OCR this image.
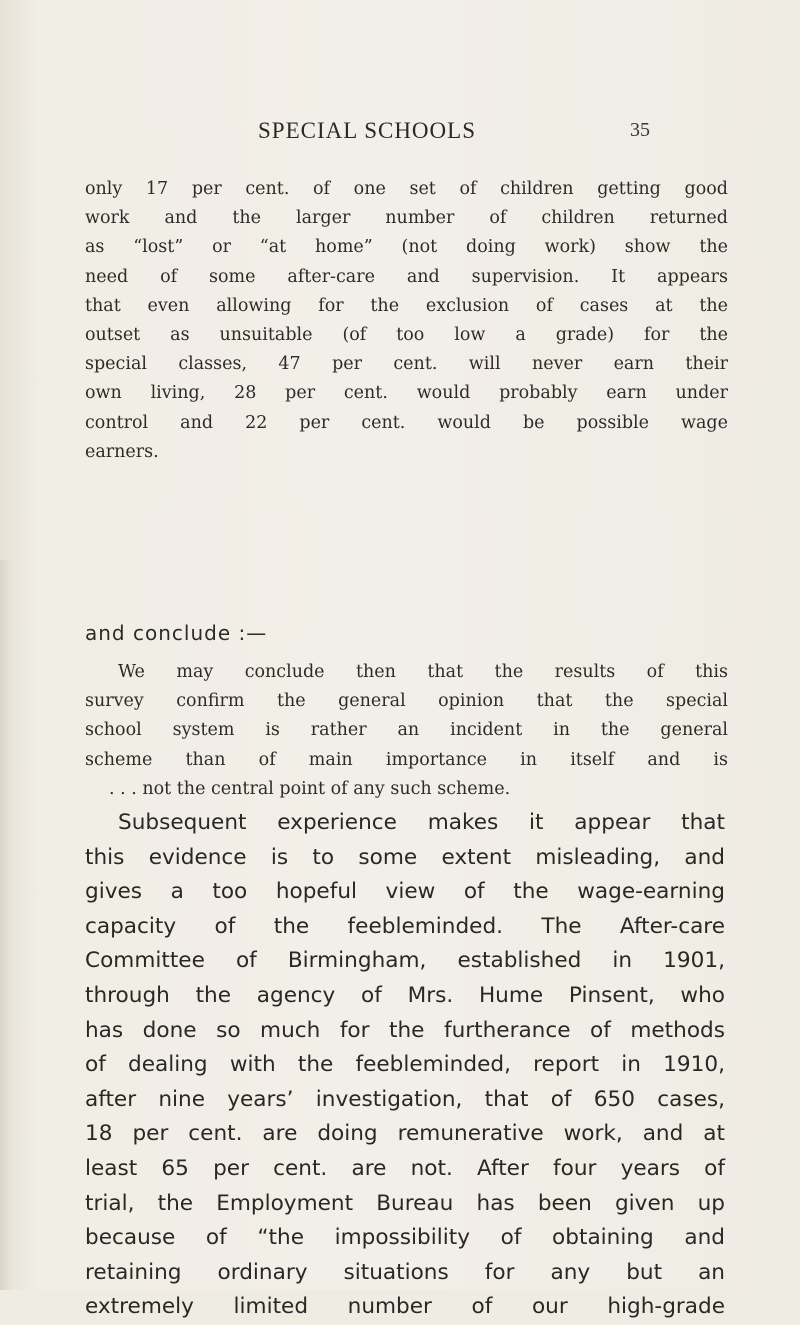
SPECIAL SCHOOLS	35
only 17 per cent. of one set of children getting good
work and the larger number of children returned
as “lost” or “at home” (not doing work) show the
need of some after-care and supervision. It appears
that even allowing for the exclusion of cases at the
outset as unsuitable (of too low a grade) for the
special classes, 47 per cent. will never earn their
own living, 28 per cent. would probably earn under
control and 22 per cent. would be possible wage
earners.
and conclude :—
We may conclude then that the results of this
survey confirm the general opinion that the special
school system is rather an incident in the general
scheme than of main importance in itself and is
. . . not the central point of any such scheme.
Subsequent experience makes it appear that
this evidence is to some extent misleading, and
gives a too hopeful view of the wage-earning
capacity of the feebleminded. The After-care
Committee of Birmingham, established in 1901,
through the agency of Mrs. Hume Pinsent, who
has done so much for the furtherance of methods
of dealing with the feebleminded, report in 1910,
after nine years’ investigation, that of 650 cases,
18 per cent. are doing remunerative work, and at
least 65 per cent. are not. After four years of
trial, the Employment Bureau has been given up
because of “the impossibility of obtaining and
retaining ordinary situations for any but an
extremely limited number of our high-grade
